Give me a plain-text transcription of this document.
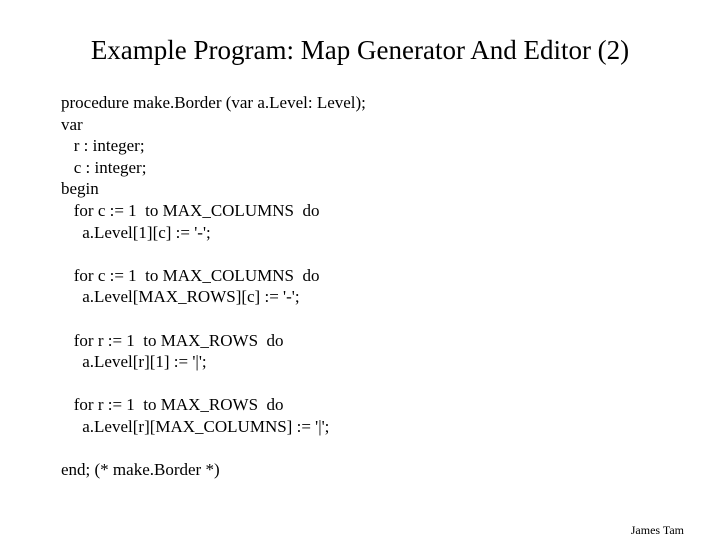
Example Program: Map Generator And Editor (2)
procedure make.Border (var a.Level: Level);
var
r : integer;
c : integer;
begin
for c := 1  to MAX_COLUMNS  do
a.Level[1][c] := '-';
for c := 1  to MAX_COLUMNS  do
a.Level[MAX_ROWS][c] := '-';
for r := 1  to MAX_ROWS  do
a.Level[r][1] := '|';
for r := 1  to MAX_ROWS  do
a.Level[r][MAX_COLUMNS] := '|';
end; (* make.Border *)
James Tam
